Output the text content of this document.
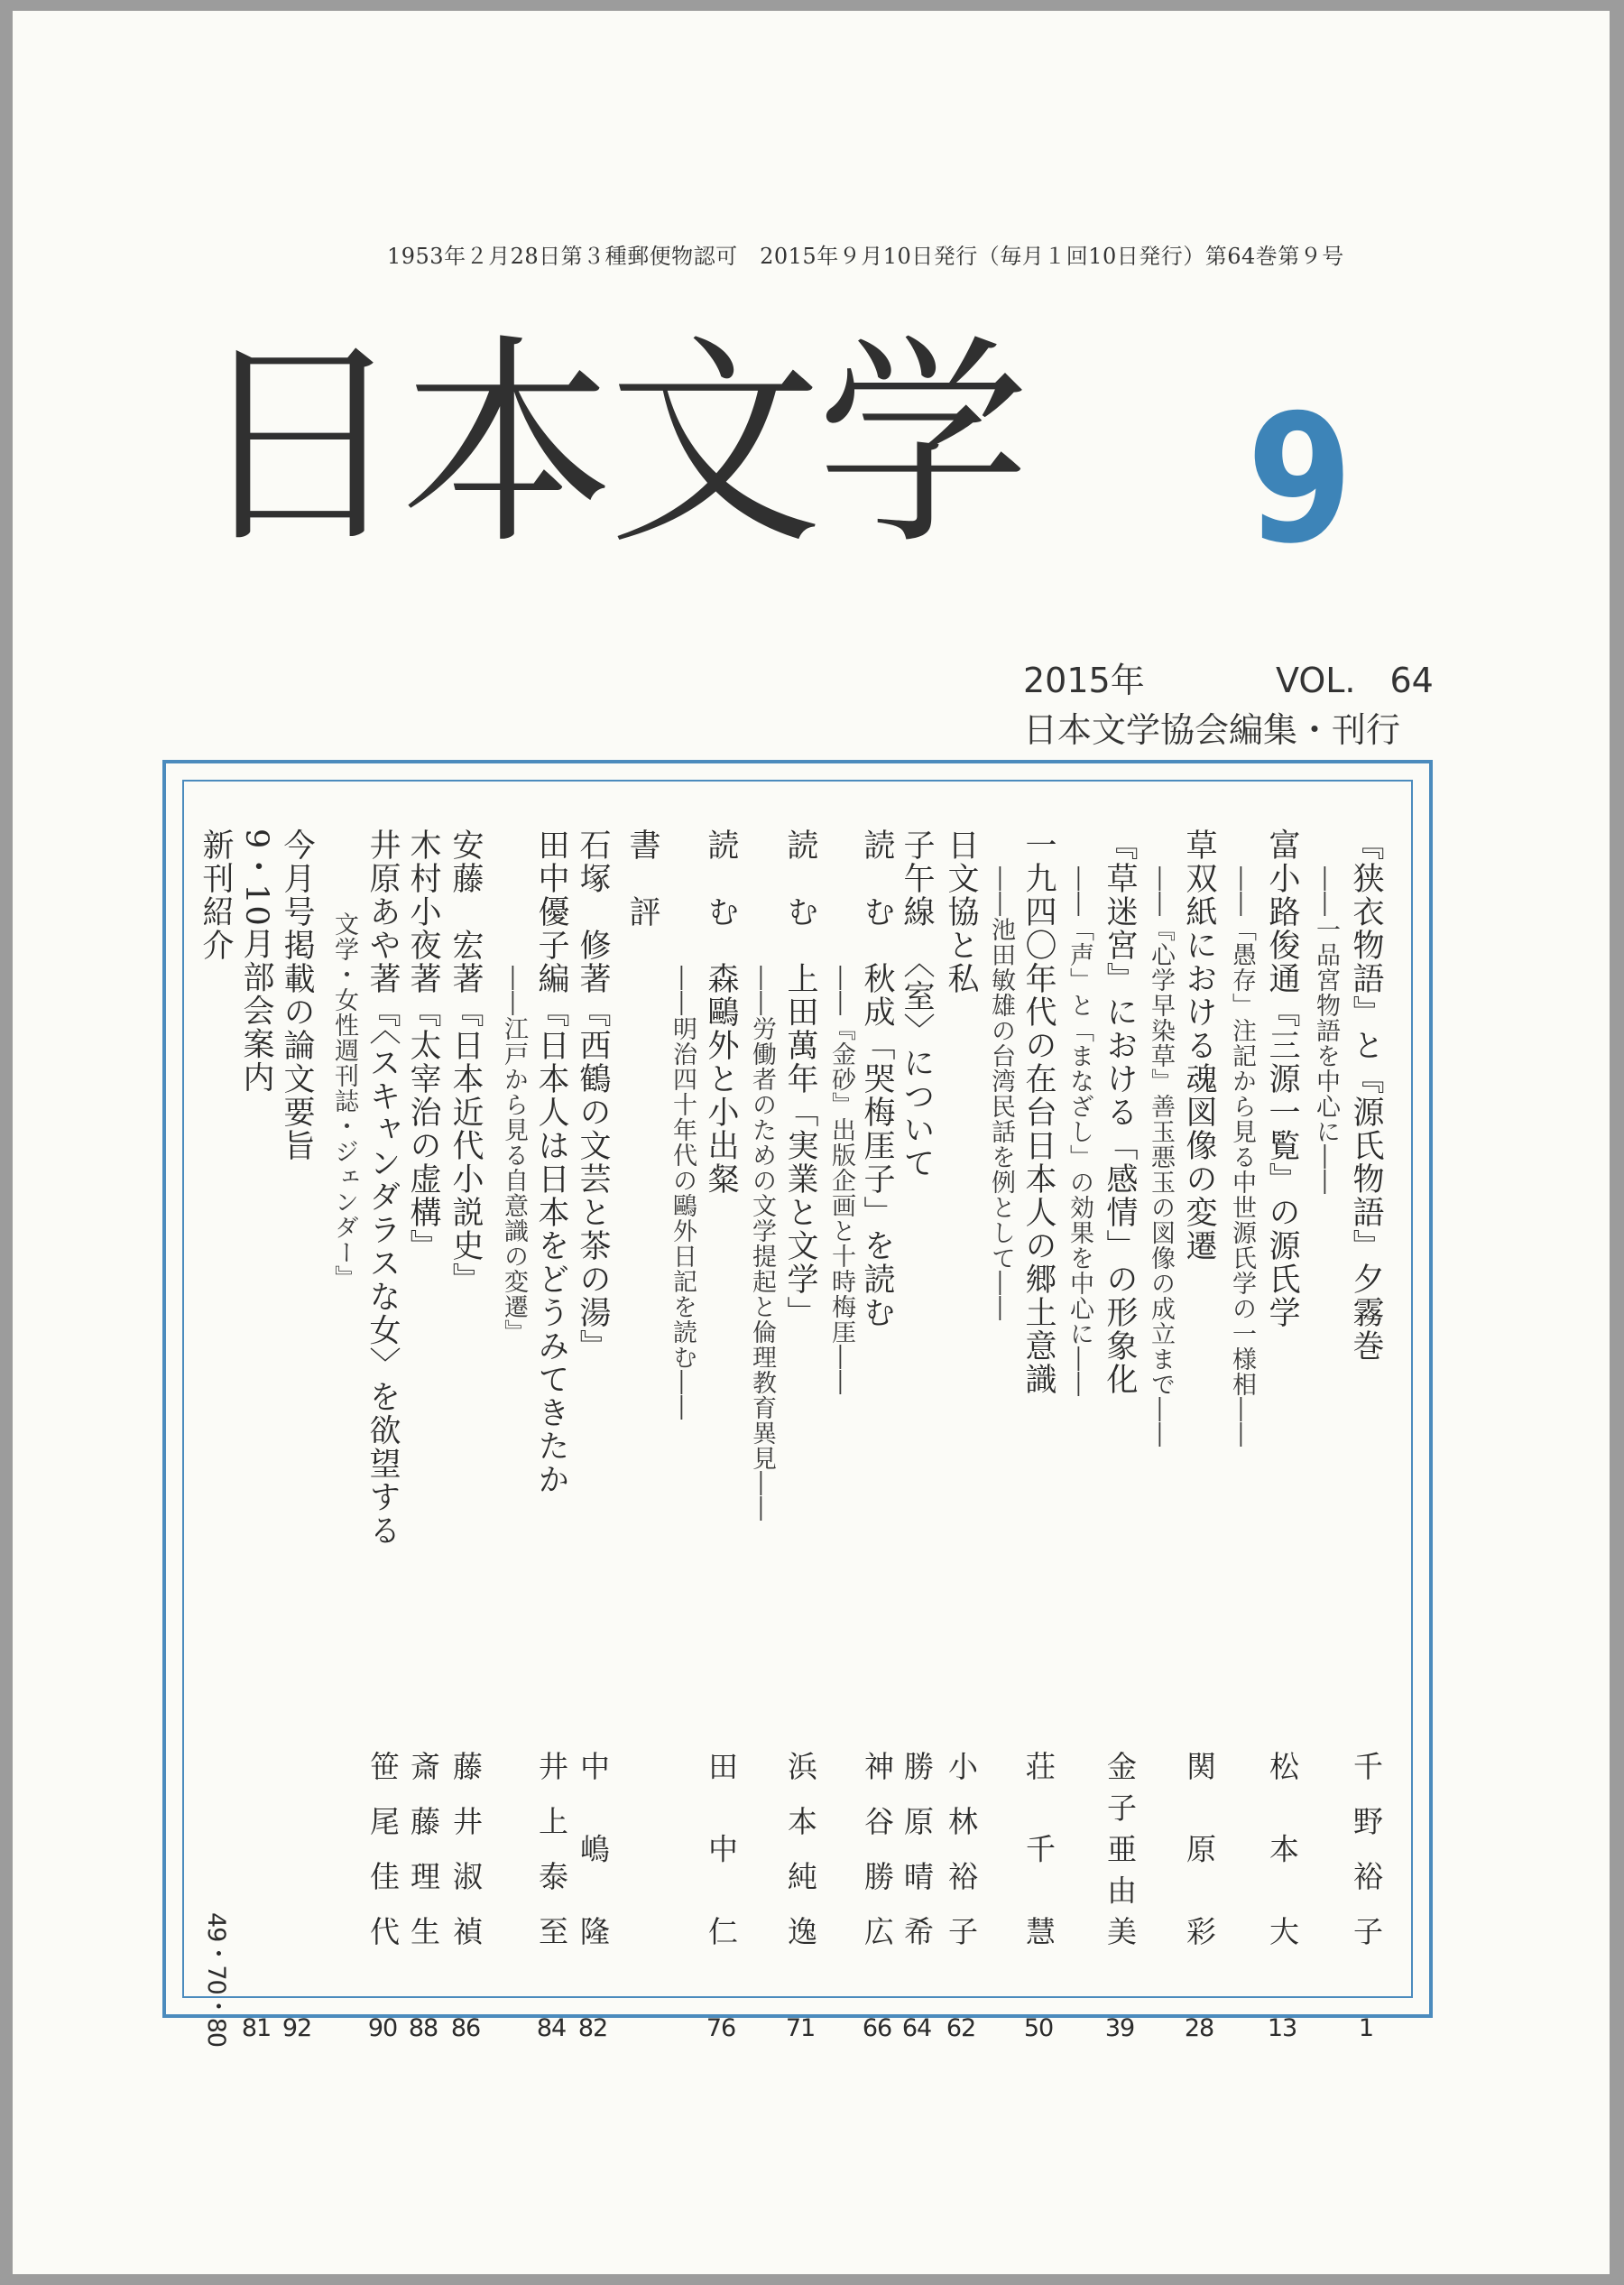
1953年２月28日第３種郵便物認可　2015年９月10日発行（毎月１回10日発行）第64巻第９号
日本文学 9
2015年	VOL.　64
日本文学協会編集・刊行
『狭衣物語』と『源氏物語』夕霧巻
――一品宮物語を中心に――
千野裕子
1
富小路俊通『三源一覧』の源氏学
――「愚存」注記から見る中世源氏学の一様相――
松本大
13
草双紙における魂図像の変遷
――『心学早染草』善玉悪玉の図像の成立まで――
関原彩
28
『草迷宮』における「感情」の形象化
――「声」と「まなざし」の効果を中心に――
金子亜由美
39
一九四〇年代の在台日本人の郷土意識
――池田敏雄の台湾民話を例として――
荘千慧
50
日文協と私
小林裕子
62
子午線　〈室〉について
勝原晴希
64
読　む　秋成「哭梅厓子」を読む
――『金砂』出版企画と十時梅厓――
神谷勝広
66
読　む　上田萬年「実業と文学」
――労働者のための文学提起と倫理教育異見――
浜本純逸
71
読　む　森鷗外と小出粲
――明治四十年代の鷗外日記を読む――
田中仁
76
書　評
石塚　修著『西鶴の文芸と茶の湯』
中嶋隆
82
田中優子編『日本人は日本をどうみてきたか
――江戸から見る自意識の変遷』
井上泰至
84
安藤　宏著『日本近代小説史』
藤井淑禎
86
木村小夜著『太宰治の虚構』
斎藤理生
88
井原あや著『〈スキャンダラスな女〉を欲望する
文学・女性週刊誌・ジェンダー』
笹尾佳代
90
今月号掲載の論文要旨
92
9・10月部会案内
81
新刊紹介
49・70・80
